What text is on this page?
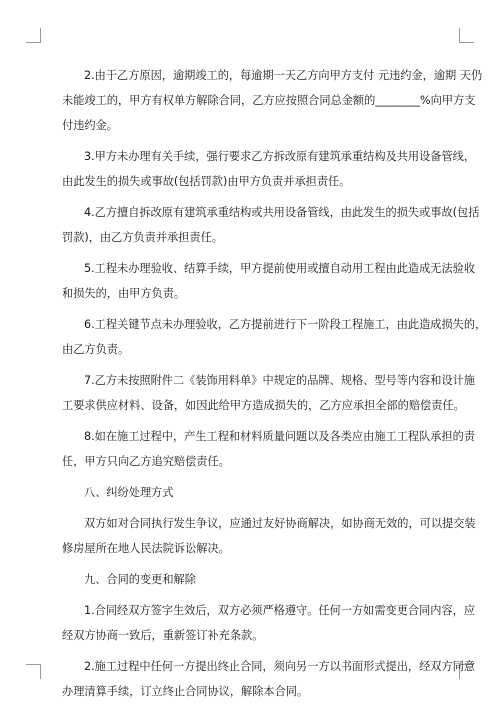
2.由于乙方原因，逾期竣工的，每逾期一天乙方向甲方支付 元违约金，逾期 天仍
未能竣工的，甲方有权单方解除合同，乙方应按照合同总金额的________%向甲方支
付违约金。
3.甲方未办理有关手续，强行要求乙方拆改原有建筑承重结构及共用设备管线，
由此发生的损失或事故(包括罚款)由甲方负责并承担责任。
4.乙方擅自拆改原有建筑承重结构或共用设备管线，由此发生的损失或事故(包括
罚款)，由乙方负责并承担责任。
5.工程未办理验收、结算手续，甲方提前使用或擅自动用工程由此造成无法验收
和损失的，由甲方负责。
6.工程关键节点未办理验收，乙方提前进行下一阶段工程施工，由此造成损失的，
由乙方负责。
7.乙方未按照附件二《装饰用料单》中规定的品牌、规格、型号等内容和设计施
工要求供应材料、设备，如因此给甲方造成损失的，乙方应承担全部的赔偿责任。
8.如在施工过程中，产生工程和材料质量问题以及各类应由施工工程队承担的责
任，甲方只向乙方追究赔偿责任。
八、纠纷处理方式
双方如对合同执行发生争议，应通过友好协商解决，如协商无效的，可以提交装
修房屋所在地人民法院诉讼解决。
九、合同的变更和解除
1.合同经双方签字生效后，双方必须严格遵守。任何一方如需变更合同内容，应
经双方协商一致后，重新签订补充条款。
2.施工过程中任何一方提出终止合同，须向另一方以书面形式提出，经双方同意
办理清算手续，订立终止合同协议，解除本合同。
